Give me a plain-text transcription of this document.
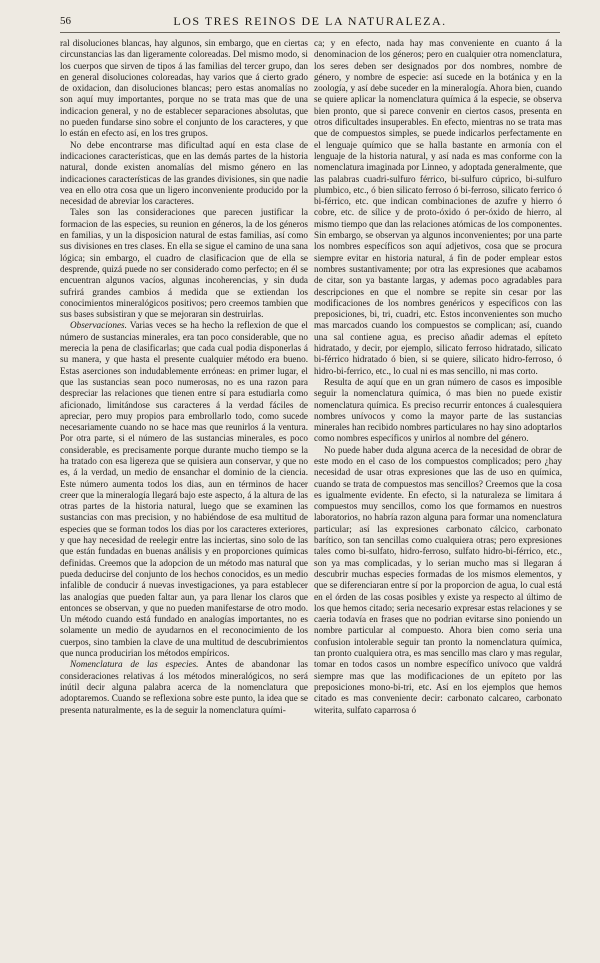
56	LOS TRES REINOS DE LA NATURALEZA.

ral disoluciones blancas, hay algunos, sin embargo, que en ciertas circunstancias las dan ligeramente coloreadas. Del mismo modo, si los cuerpos que sirven de tipos á las familias del tercer grupo, dan en general disoluciones coloreadas, hay varios que á cierto grado de oxidacion, dan disoluciones blancas; pero estas anomalías no son aquí muy importantes, porque no se trata mas que de una indicacion general, y no de establecer separaciones absolutas, que no pueden fundarse sino sobre el conjunto de los caracteres, y que lo están en efecto así, en los tres grupos.

No debe encontrarse mas dificultad aquí en esta clase de indicaciones características, que en las demás partes de la historia natural, donde existen anomalías del mismo género en las indicaciones características de las grandes divisiones, sin que nadie vea en ello otra cosa que un ligero inconveniente producido por la necesidad de abreviar los caracteres.

Tales son las consideraciones que parecen justificar la formacion de las especies, su reunion en géneros, la de los géneros en familias, y un la disposicion natural de estas familias, así como sus divisiones en tres clases. En ella se sigue el camino de una sana lógica; sin embargo, el cuadro de clasificacion que de ella se desprende, quizá puede no ser considerado como perfecto; en él se encuentran algunos vacíos, algunas incoherencias, y sin duda sufrirá grandes cambios á medida que se extiendan los conocimientos mineralógicos positivos; pero creemos tambien que sus bases subsistiran y que se mejoraran sin destruirlas.

Observaciones. Varias veces se ha hecho la reflexion de que el número de sustancias minerales, era tan poco considerable, que no merecia la pena de clasificarlas; que cada cual podia disponerlas á su manera, y que hasta el presente cualquier método era bueno. Estas aserciones son indudablemente erróneas: en primer lugar, el que las sustancias sean poco numerosas, no es una razon para despreciar las relaciones que tienen entre sí para estudiarla como aficionado, limitándose sus caracteres á la verdad fáciles de apreciar, pero muy propios para embrollarlo todo, como sucede necesariamente cuando no se hace mas que reunirlos á la ventura. Por otra parte, si el número de las sustancias minerales, es poco considerable, es precisamente porque durante mucho tiempo se la ha tratado con esa ligereza que se quisiera aun conservar, y que no es, á la verdad, un medio de ensanchar el dominio de la ciencia. Este número aumenta todos los dias, aun en términos de hacer creer que la mineralogía llegará bajo este aspecto, á la altura de las otras partes de la historia natural, luego que se examinen las sustancias con mas precision, y no habiéndose de esa multitud de especies que se forman todos los dias por los caracteres exteriores, y que hay necesidad de reelegir entre las inciertas, sino solo de las que están fundadas en buenas análisis y en proporciones químicas definidas. Creemos que la adopcion de un método mas natural que pueda deducirse del conjunto de los hechos conocidos, es un medio infalible de conducir á nuevas investigaciones, ya para establecer las analogías que pueden faltar aun, ya para llenar los claros que entonces se observan, y que no pueden manifestarse de otro modo. Un método cuando está fundado en analogías importantes, no es solamente un medio de ayudarnos en el reconocimiento de los cuerpos, sino tambien la clave de una multitud de descubrimientos que nunca producirian los métodos empíricos.

Nomenclatura de las especies. Antes de abandonar las consideraciones relativas á los métodos mineralógicos, no será inútil decir alguna palabra acerca de la nomenclatura que adoptaremos. Cuando se reflexiona sobre este punto, la idea que se presenta naturalmente, es la de seguir la nomenclatura quími-

ca; y en efecto, nada hay mas conveniente en cuanto á la denominacion de los géneros; pero en cualquier otra nomenclatura, los seres deben ser designados por dos nombres, nombre de género, y nombre de especie: así sucede en la botánica y en la zoología, y así debe suceder en la mineralogía. Ahora bien, cuando se quiere aplicar la nomenclatura química á la especie, se observa bien pronto, que si parece convenir en ciertos casos, presenta en otros dificultades insuperables. En efecto, mientras no se trata mas que de compuestos simples, se puede indicarlos perfectamente en el lenguaje químico que se halla bastante en armonía con el lenguaje de la historia natural, y así nada es mas conforme con la nomenclatura imaginada por Linneo, y adoptada generalmente, que las palabras cuadri-sulfuro férrico, bi-sulfuro cúprico, bi-sulfuro plumbico, etc., ó bien silicato ferroso ó bi-ferroso, silicato ferrico ó bi-férrico, etc. que indican combinaciones de azufre y hierro ó cobre, etc. de sílice y de proto-óxido ó per-óxido de hierro, al mismo tiempo que dan las relaciones atómicas de los componentes. Sin embargo, se observan ya algunos inconvenientes; por una parte los nombres específicos son aquí adjetivos, cosa que se procura siempre evitar en historia natural, á fin de poder emplear estos nombres sustantivamente; por otra las expresiones que acabamos de citar, son ya bastante largas, y ademas poco agradables para descripciones en que el nombre se repite sin cesar por las modificaciones de los nombres genéricos y específicos con las preposiciones, bi, tri, cuadri, etc. Estos inconvenientes son mucho mas marcados cuando los compuestos se complican; así, cuando una sal contiene agua, es preciso añadir ademas el epíteto hidratado, y decir, por ejemplo, silicato ferroso hidratado, silicato bi-férrico hidratado ó bien, si se quiere, silicato hidro-ferroso, ó hidro-bi-ferrico, etc., lo cual ni es mas sencillo, ni mas corto.

Resulta de aquí que en un gran número de casos es imposible seguir la nomenclatura química, ó mas bien no puede existir nomenclatura química. Es preciso recurrir entonces á cualesquiera nombres unívocos y como la mayor parte de las sustancias minerales han recibido nombres particulares no hay sino adoptarlos como nombres específicos y unirlos al nombre del género.

No puede haber duda alguna acerca de la necesidad de obrar de este modo en el caso de los compuestos complicados; pero ¿hay necesidad de usar otras expresiones que las de uso en química, cuando se trata de compuestos mas sencillos? Creemos que la cosa es igualmente evidente. En efecto, si la naturaleza se limitara á compuestos muy sencillos, como los que formamos en nuestros laboratorios, no habría razon alguna para formar una nomenclatura particular; así las expresiones carbonato cálcico, carbonato barítico, son tan sencillas como cualquiera otras; pero expresiones tales como bi-sulfato, hidro-ferroso, sulfato hidro-bi-férrico, etc., son ya mas complicadas, y lo serian mucho mas si llegaran á descubrir muchas especies formadas de los mismos elementos, y que se diferenciaran entre sí por la proporcion de agua, lo cual está en el órden de las cosas posibles y existe ya respecto al último de los que hemos citado; seria necesario expresar estas relaciones y se caeria todavía en frases que no podrian evitarse sino poniendo un nombre particular al compuesto. Ahora bien como seria una confusion intolerable seguir tan pronto la nomenclatura química, tan pronto cualquiera otra, es mas sencillo mas claro y mas regular, tomar en todos casos un nombre específico unívoco que valdrá siempre mas que las modificaciones de un epíteto por las preposiciones mono-bi-tri, etc. Así en los ejemplos que hemos citado es mas conveniente decir: carbonato calcareo, carbonato witerita, sulfato caparrosa ó
